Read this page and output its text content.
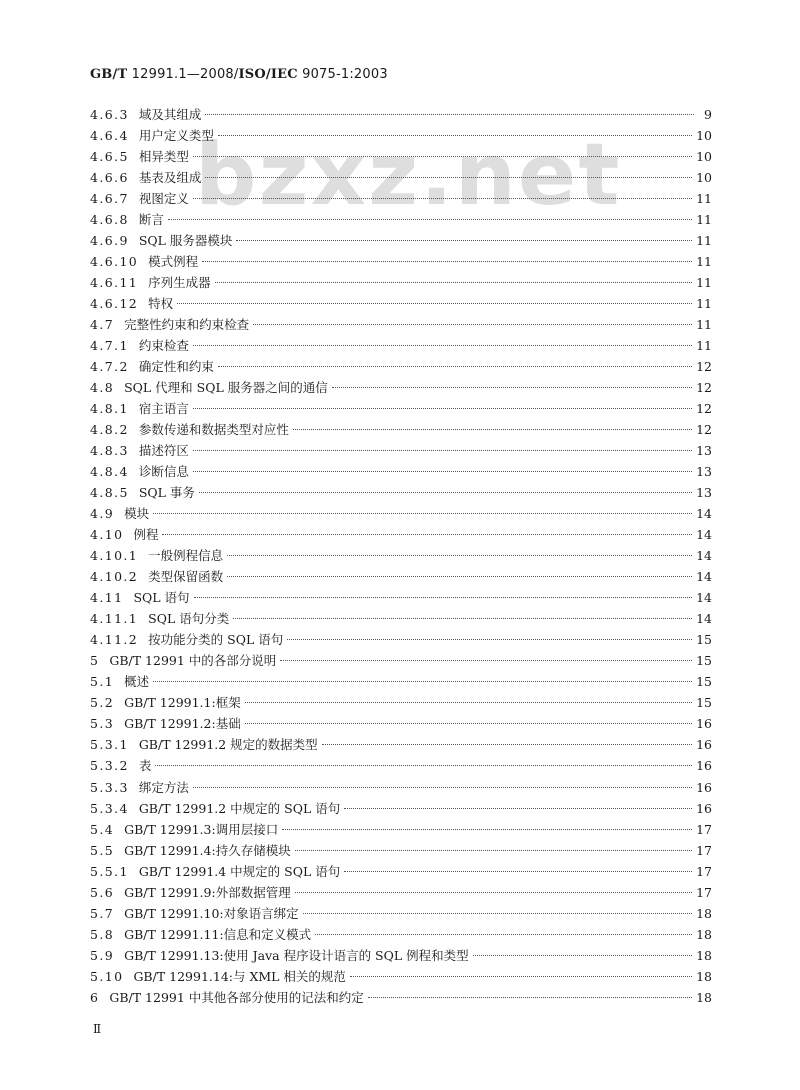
GB/T 12991.1—2008/ISO/IEC 9075-1:2003
bzxz.net
4.6.3 域及其组成	9
4.6.4 用户定义类型	10
4.6.5 相异类型	10
4.6.6 基表及组成	10
4.6.7 视图定义	11
4.6.8 断言	11
4.6.9 SQL 服务器模块	11
4.6.10 模式例程	11
4.6.11 序列生成器	11
4.6.12 特权	11
4.7 完整性约束和约束检查	11
4.7.1 约束检查	11
4.7.2 确定性和约束	12
4.8 SQL 代理和 SQL 服务器之间的通信	12
4.8.1 宿主语言	12
4.8.2 参数传递和数据类型对应性	12
4.8.3 描述符区	13
4.8.4 诊断信息	13
4.8.5 SQL 事务	13
4.9 模块	14
4.10 例程	14
4.10.1 一般例程信息	14
4.10.2 类型保留函数	14
4.11 SQL 语句	14
4.11.1 SQL 语句分类	14
4.11.2 按功能分类的 SQL 语句	15
5 GB/T 12991 中的各部分说明	15
5.1 概述	15
5.2 GB/T 12991.1:框架	15
5.3 GB/T 12991.2:基础	16
5.3.1 GB/T 12991.2 规定的数据类型	16
5.3.2 表	16
5.3.3 绑定方法	16
5.3.4 GB/T 12991.2 中规定的 SQL 语句	16
5.4 GB/T 12991.3:调用层接口	17
5.5 GB/T 12991.4:持久存储模块	17
5.5.1 GB/T 12991.4 中规定的 SQL 语句	17
5.6 GB/T 12991.9:外部数据管理	17
5.7 GB/T 12991.10:对象语言绑定	18
5.8 GB/T 12991.11:信息和定义模式	18
5.9 GB/T 12991.13:使用 Java 程序设计语言的 SQL 例程和类型	18
5.10 GB/T 12991.14:与 XML 相关的规范	18
6 GB/T 12991 中其他各部分使用的记法和约定	18
Ⅱ
